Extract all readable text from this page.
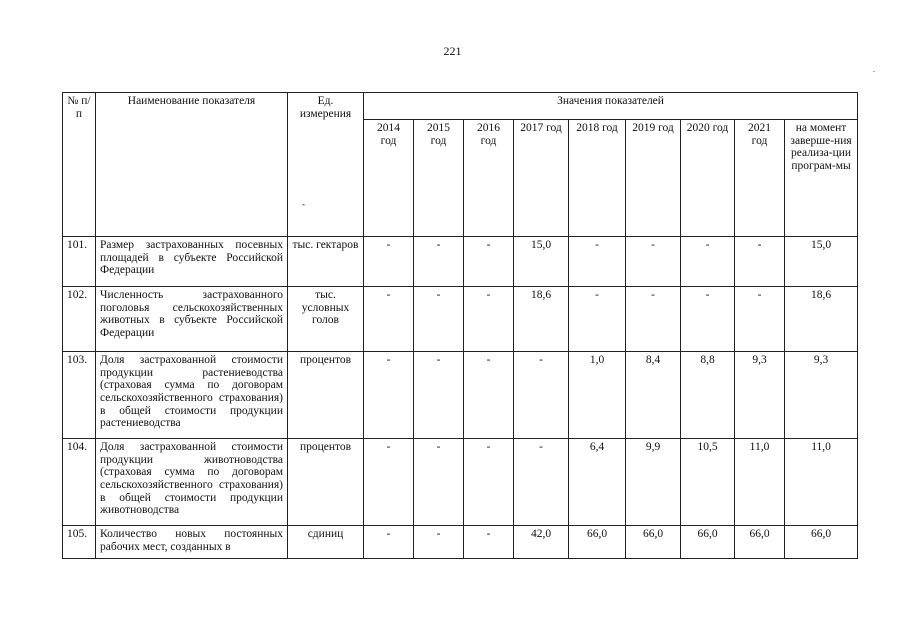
221
.
-
№ п/п	Наименование показателя	Ед. измерения	Значения показателей								
			2014 год	2015 год	2016 год	2017 год	2018 год	2019 год	2020 год	2021 год	на момент заверше-ния реализа-ции програм-мы
101.	Размер застрахованных посевных площадей в субъекте Российской Федерации	тыс. гектаров	-	-	-	15,0	-	-	-	-	15,0
102.	Численность застрахованного поголовья сельскохозяйственных животных в субъекте Российской Федерации	тыс. условных голов	-	-	-	18,6	-	-	-	-	18,6
103.	Доля застрахованной стоимости продукции растениеводства (страховая сумма по договорам сельскохозяйственного страхования) в общей стоимости продукции растениеводства	процентов	-	-	-	-	1,0	8,4	8,8	9,3	9,3
104.	Доля застрахованной стоимости продукции животноводства (страховая сумма по договорам сельскохозяйственного страхования) в общей стоимости продукции животноводства	процентов	-	-	-	-	6,4	9,9	10,5	11,0	11,0
105.	Количество новых постоянных рабочих мест, созданных в	сдиниц	-	-	-	42,0	66,0	66,0	66,0	66,0	66,0
